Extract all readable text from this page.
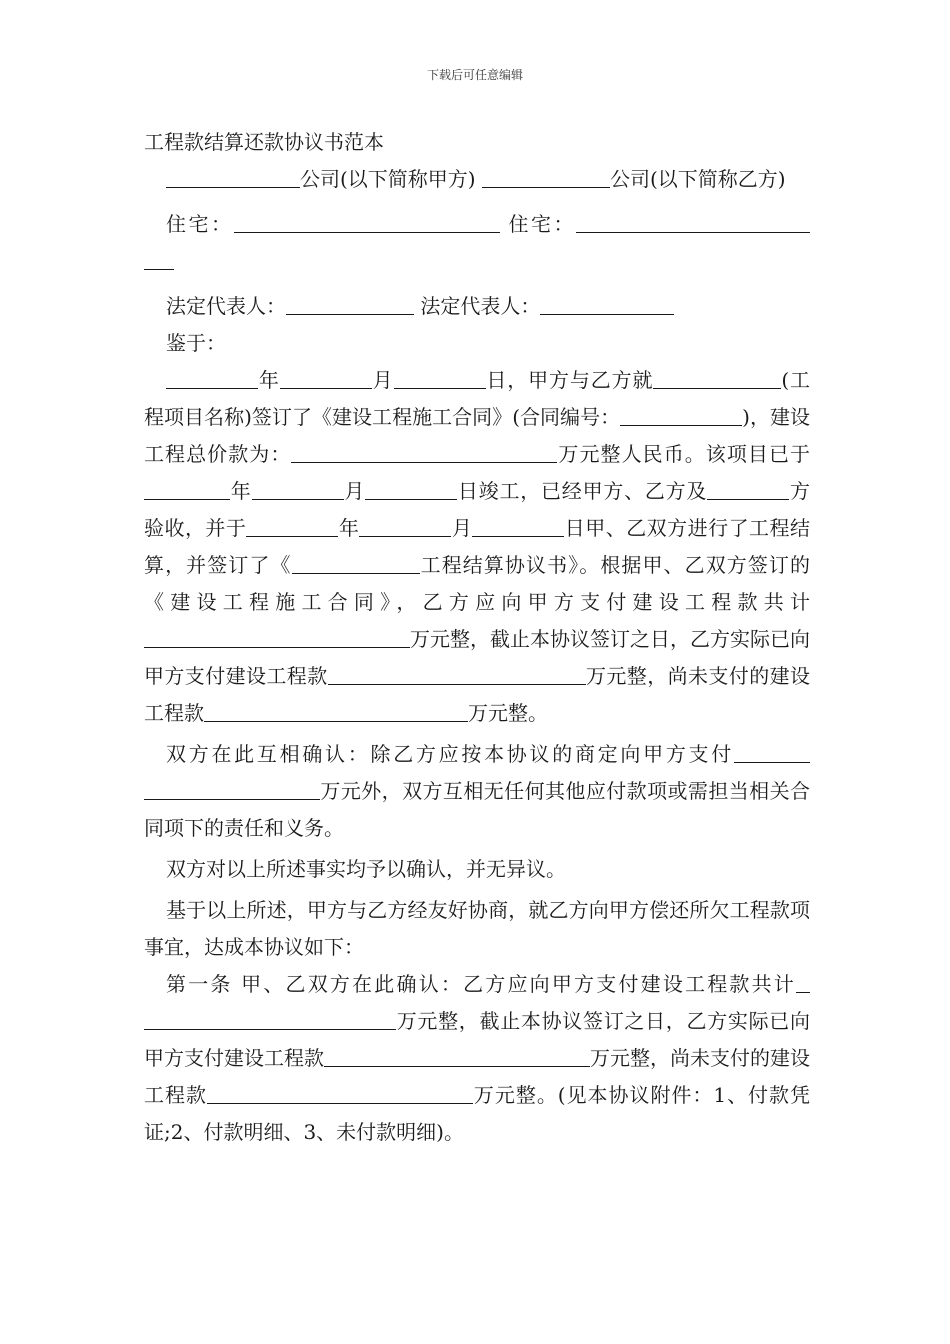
下载后可任意编辑

工程款结算还款协议书范本

公司(以下简称甲方)	公司(以下简称乙方)

住宅：	住宅：

法定代表人：	法定代表人：

鉴于：

年	月	日，甲方与乙方就	(工程项目名称)签订了《建设工程施工合同》(合同编号：	)，建设工程总价款为：	万元整人民币。该项目已于年	月	日竣工，已经甲方、乙方及	方验收，并于	年	月	日甲、乙双方进行了工程结算，并签订了《	工程结算协议书》。根据甲、乙双方签订的《建设工程施工合同》，乙方应向甲方支付建设工程款共计万元整，截止本协议签订之日，乙方实际已向甲方支付建设工程款	万元整，尚未支付的建设工程款	万元整。

双方在此互相确认：除乙方应按本协议的商定向甲方支付万元外，双方互相无任何其他应付款项或需担当相关合同项下的责任和义务。

双方对以上所述事实均予以确认，并无异议。

基于以上所述，甲方与乙方经友好协商，就乙方向甲方偿还所欠工程款项事宜，达成本协议如下：

第一条 甲、乙双方在此确认：乙方应向甲方支付建设工程款共计万元整，截止本协议签订之日，乙方实际已向甲方支付建设工程款	万元整，尚未支付的建设工程款	万元整。(见本协议附件：1、付款凭证;2、付款明细、3、未付款明细)。
